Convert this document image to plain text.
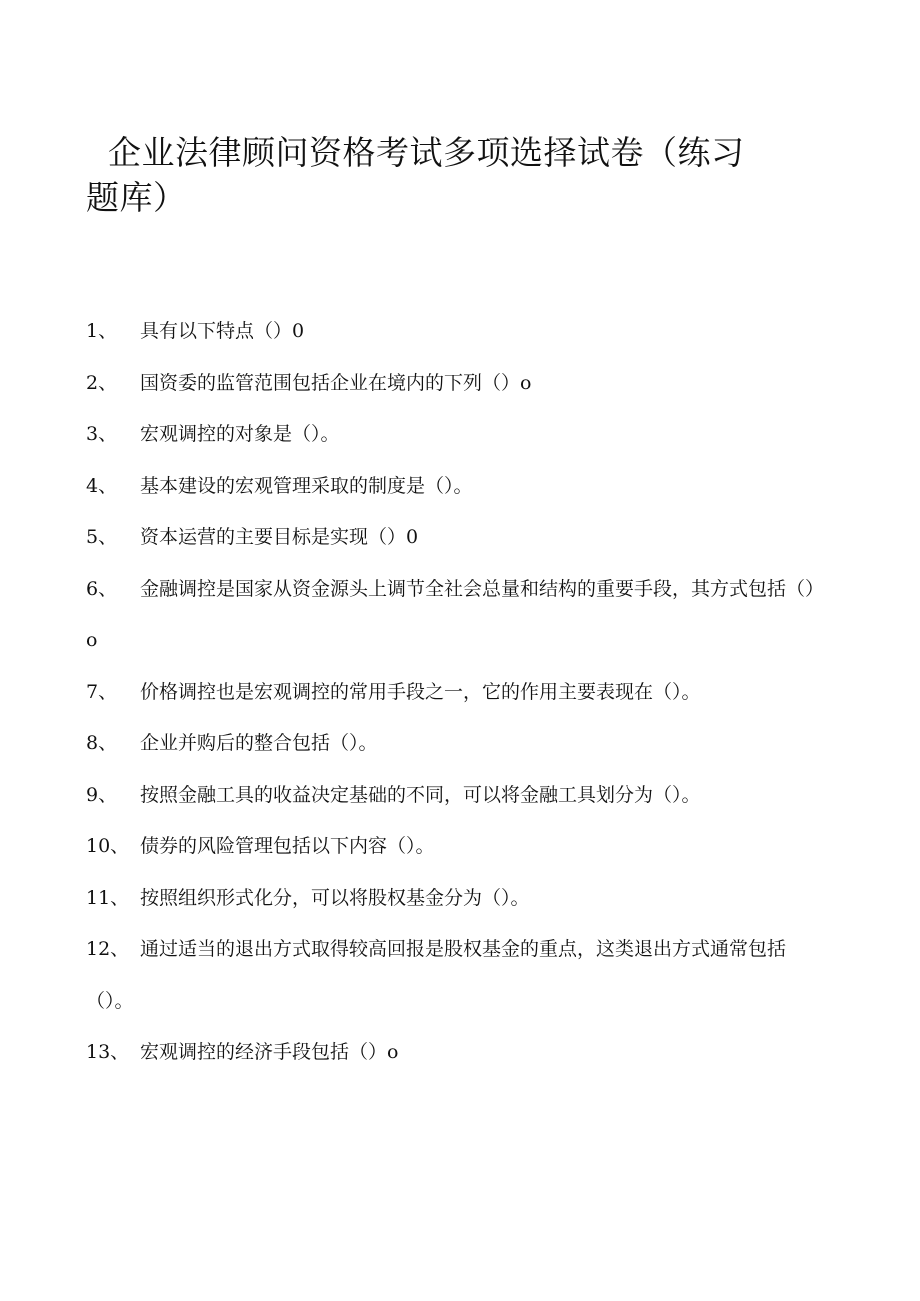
企业法律顾问资格考试多项选择试卷（练习题库）
1、 具有以下特点（）0
2、 国资委的监管范围包括企业在境内的下列（）o
3、 宏观调控的对象是（）。
4、 基本建设的宏观管理采取的制度是（）。
5、 资本运营的主要目标是实现（）0
6、 金融调控是国家从资金源头上调节全社会总量和结构的重要手段，其方式包括（）o
7、 价格调控也是宏观调控的常用手段之一，它的作用主要表现在（）。
8、 企业并购后的整合包括（）。
9、 按照金融工具的收益决定基础的不同，可以将金融工具划分为（）。
10、 债券的风险管理包括以下内容（）。
11、 按照组织形式化分，可以将股权基金分为（）。
12、 通过适当的退出方式取得较高回报是股权基金的重点，这类退出方式通常包括（）。
13、 宏观调控的经济手段包括（）o
